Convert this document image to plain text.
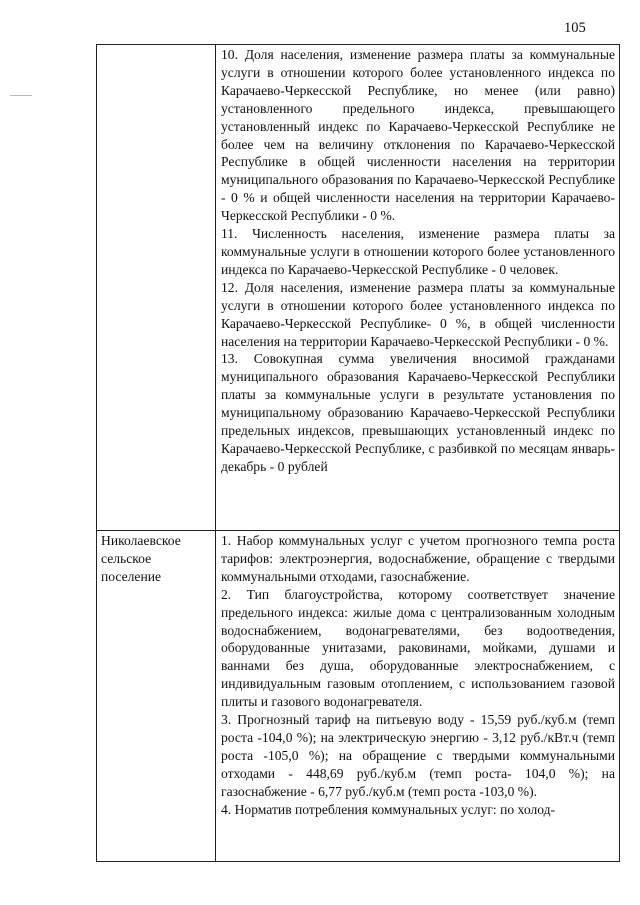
105

10. Доля населения, изменение размера платы за коммунальные услуги в отношении которого более установленного индекса по Карачаево-Черкесской Республике, но менее (или равно) установленного предельного индекса, превышающего установленный индекс по Карачаево-Черкесской Республике не более чем на величину отклонения по Карачаево-Черкесской Республике в общей численности населения на территории муниципального образования по Карачаево-Черкесской Республике - 0 % и общей численности населения на территории Карачаево-Черкесской Республики - 0 %.

11. Численность населения, изменение размера платы за коммунальные услуги в отношении которого более установленного индекса по Карачаево-Черкесской Республике - 0 человек.

12. Доля населения, изменение размера платы за коммунальные услуги в отношении которого более установленного индекса по Карачаево-Черкесской Республике- 0 %, в общей численности населения на территории Карачаево-Черкесской Республики - 0 %.

13. Совокупная сумма увеличения вносимой гражданами муниципального образования Карачаево-Черкесской Республики платы за коммунальные услуги в результате установления по муниципальному образованию Карачаево-Черкесской Республики предельных индексов, превышающих установленный индекс по Карачаево-Черкесской Республике, с разбивкой по месяцам январь-декабрь - 0 рублей

Николаевское
сельское
поселение

1. Набор коммунальных услуг с учетом прогнозного темпа роста тарифов: электроэнергия, водоснабжение, обращение с твердыми коммунальными отходами, газоснабжение.

2. Тип благоустройства, которому соответствует значение предельного индекса: жилые дома с централизованным холодным водоснабжением, водонагревателями, без водоотведения, оборудованные унитазами, раковинами, мойками, душами и ваннами без душа, оборудованные электроснабжением, с индивидуальным газовым отоплением, с использованием газовой плиты и газового водонагревателя.

3. Прогнозный тариф на питьевую воду - 15,59 руб./куб.м (темп роста -104,0 %); на электрическую энергию - 3,12 руб./кВт.ч (темп роста -105,0 %); на обращение с твердыми коммунальными отходами - 448,69 руб./куб.м (темп роста- 104,0 %); на газоснабжение - 6,77 руб./куб.м (темп роста -103,0 %).

4. Норматив потребления коммунальных услуг: по холод-
